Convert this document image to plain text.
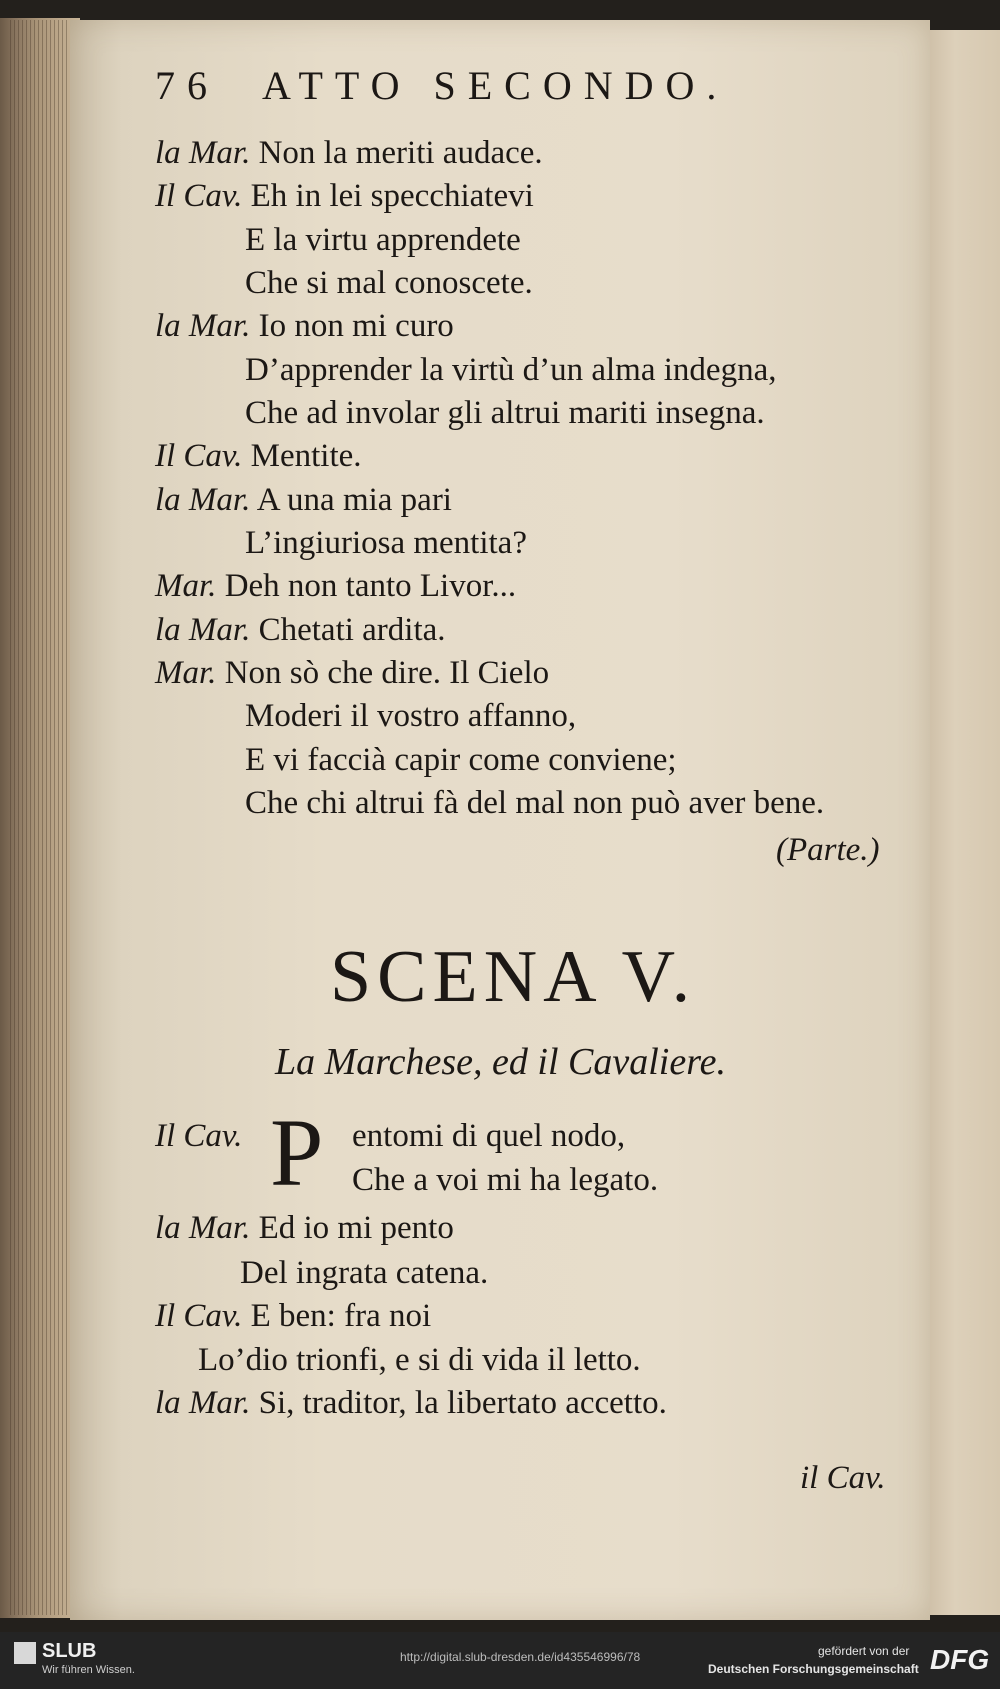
76 ATTO SECONDO.
la Mar. Non la meriti audace.
Il Cav. Eh in lei specchiatevi
E la virtu apprendete
Che si mal conoscete.
la Mar. Io non mi curo
D’apprender la virtù d’un alma indegna,
Che ad involar gli altrui mariti insegna.
Il Cav. Mentite.
la Mar. A una mia pari
L’ingiuriosa mentita?
Mar. Deh non tanto Livor...
la Mar. Chetati ardita.
Mar. Non sò che dire. Il Cielo
Moderi il vostro affanno,
E vi faccià capir come conviene;
Che chi altrui fà del mal non può aver bene.
(Parte.)
SCENA V.
La Marchese, ed il Cavaliere.
Il Cav. P entomi di quel nodo,
Che a voi mi ha legato.
la Mar. Ed io mi pento
Del ingrata catena.
Il Cav. E ben: fra noi
Lo’dio trionfi, e si di vida il letto.
la Mar. Si, traditor, la libertato accetto.
il Cav.
SLUB
Wir führen Wissen.
http://digital.slub-dresden.de/id435546996/78	gefördert von der
Deutschen Forschungsgemeinschaft DFG
